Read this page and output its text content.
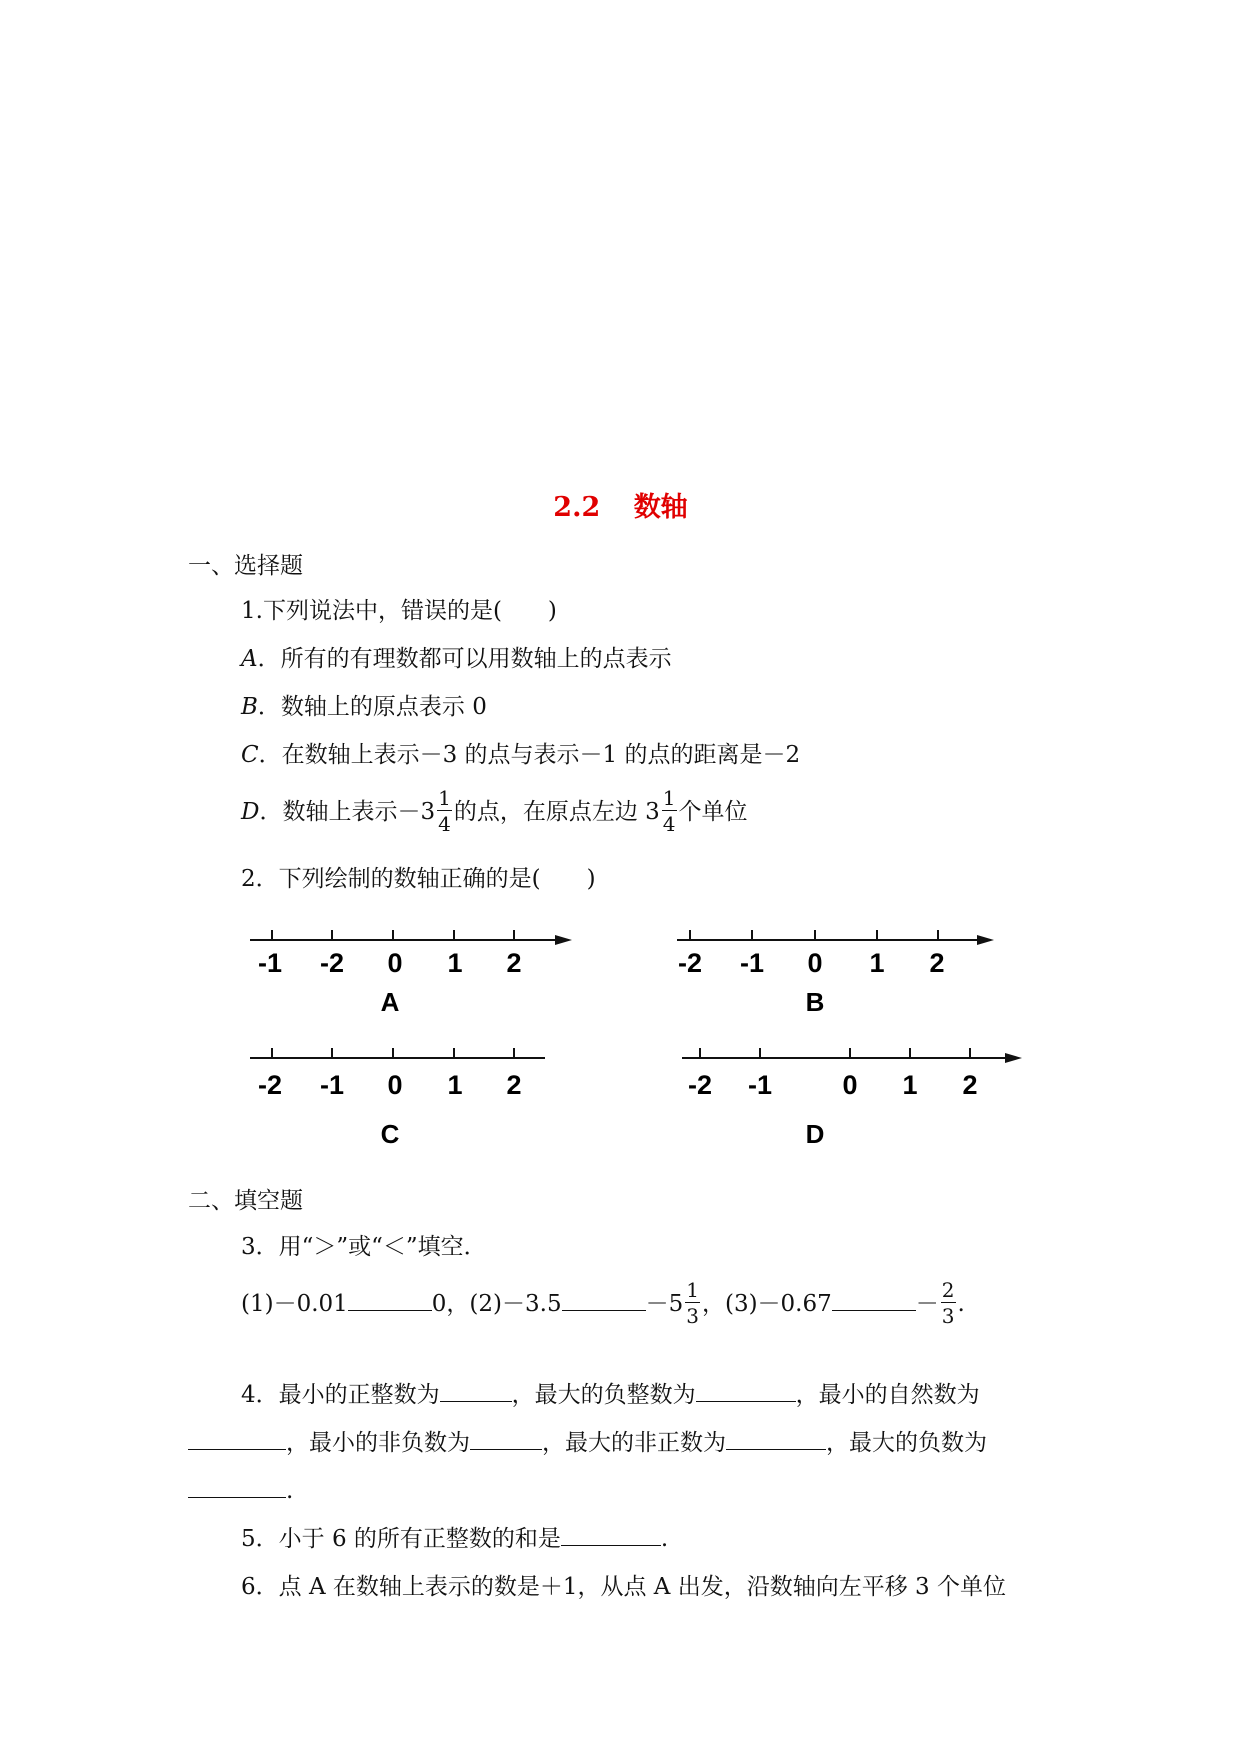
2.2 数轴
一、选择题
1.下列说法中，错误的是(　　)
A．所有的有理数都可以用数轴上的点表示
B．数轴上的原点表示 0
C．在数轴上表示－3 的点与表示－1 的点的距离是－2
D．数轴上表示$-3 \frac{1}{4}$ 的点，在原点左边 $3 \frac{1}{4}$ 个单位
2．下列绘制的数轴正确的是(　　)
-1 -2 0 1 2
A
-2 -1 0 1 2
B
-2 -1 0 1 2
C
-2 -1	0 1 2
D
二、填空题
3．用“＞”或“＜”填空．
(1)－0.01	0，(2)－3.5	$-5 \frac{1}{3}$ ，(3)－0.67	－ $\frac{2}{3}$ .
4．最小的正整数为	，最大的负整数为	，最小的自然数为
，最小的非负数为	，最大的非正数为	，最大的负数为
.
5．小于 6 的所有正整数的和是	.
6．点 A 在数轴上表示的数是＋1，从点 A 出发，沿数轴向左平移 3 个单位
